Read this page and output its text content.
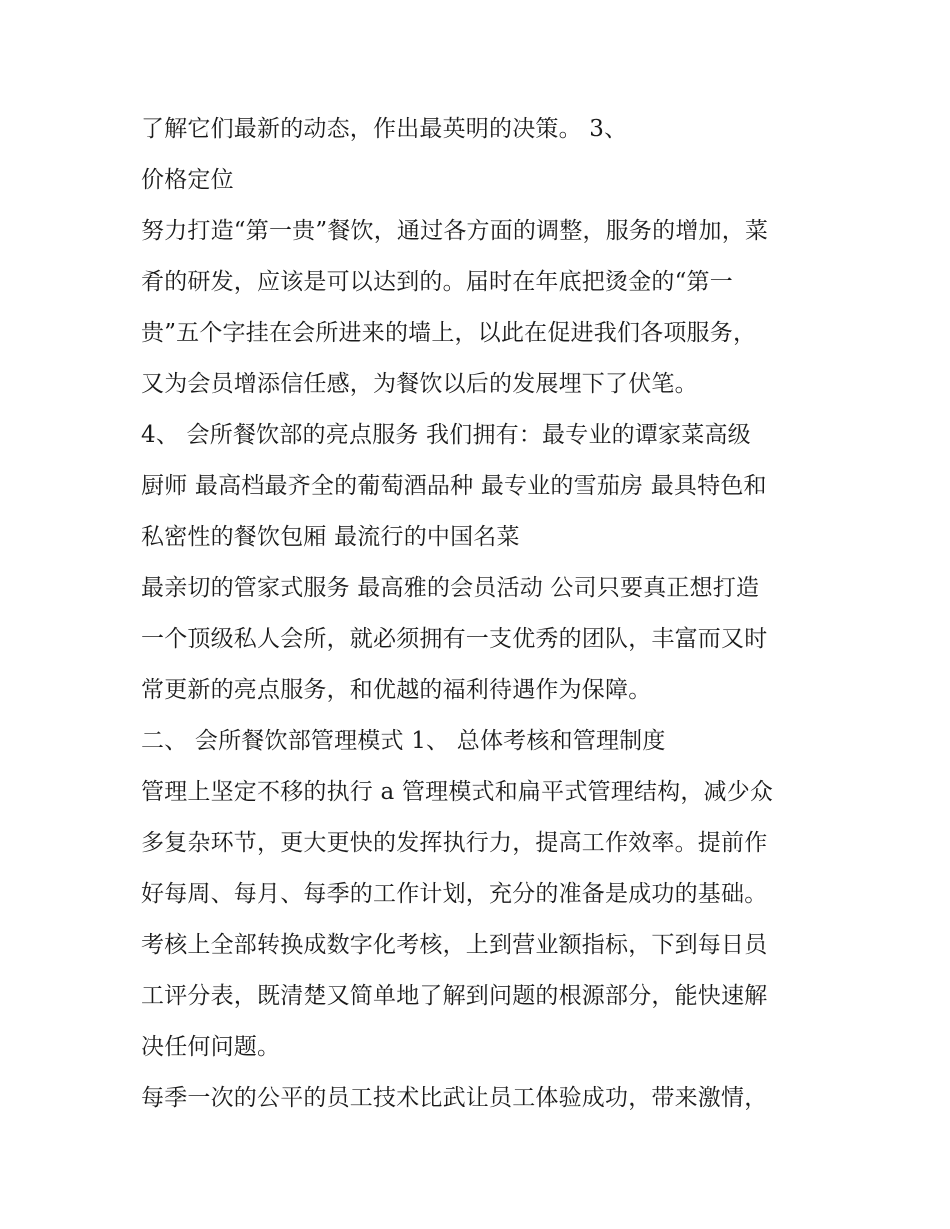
了解它们最新的动态，作出最英明的决策。 3、
价格定位
努力打造“第一贵”餐饮，通过各方面的调整，服务的增加，菜
肴的研发，应该是可以达到的。届时在年底把烫金的“第一
贵”五个字挂在会所进来的墙上，以此在促进我们各项服务，
又为会员增添信任感，为餐饮以后的发展埋下了伏笔。
4、 会所餐饮部的亮点服务 我们拥有：最专业的谭家菜高级
厨师 最高档最齐全的葡萄酒品种 最专业的雪茄房 最具特色和
私密性的餐饮包厢 最流行的中国名菜
最亲切的管家式服务 最高雅的会员活动 公司只要真正想打造
一个顶级私人会所，就必须拥有一支优秀的团队，丰富而又时
常更新的亮点服务，和优越的福利待遇作为保障。
二、 会所餐饮部管理模式 1、 总体考核和管理制度
管理上坚定不移的执行 a 管理模式和扁平式管理结构，减少众
多复杂环节，更大更快的发挥执行力，提高工作效率。提前作
好每周、每月、每季的工作计划，充分的准备是成功的基础。
考核上全部转换成数字化考核，上到营业额指标，下到每日员
工评分表，既清楚又简单地了解到问题的根源部分，能快速解
决任何问题。
每季一次的公平的员工技术比武让员工体验成功，带来激情，
